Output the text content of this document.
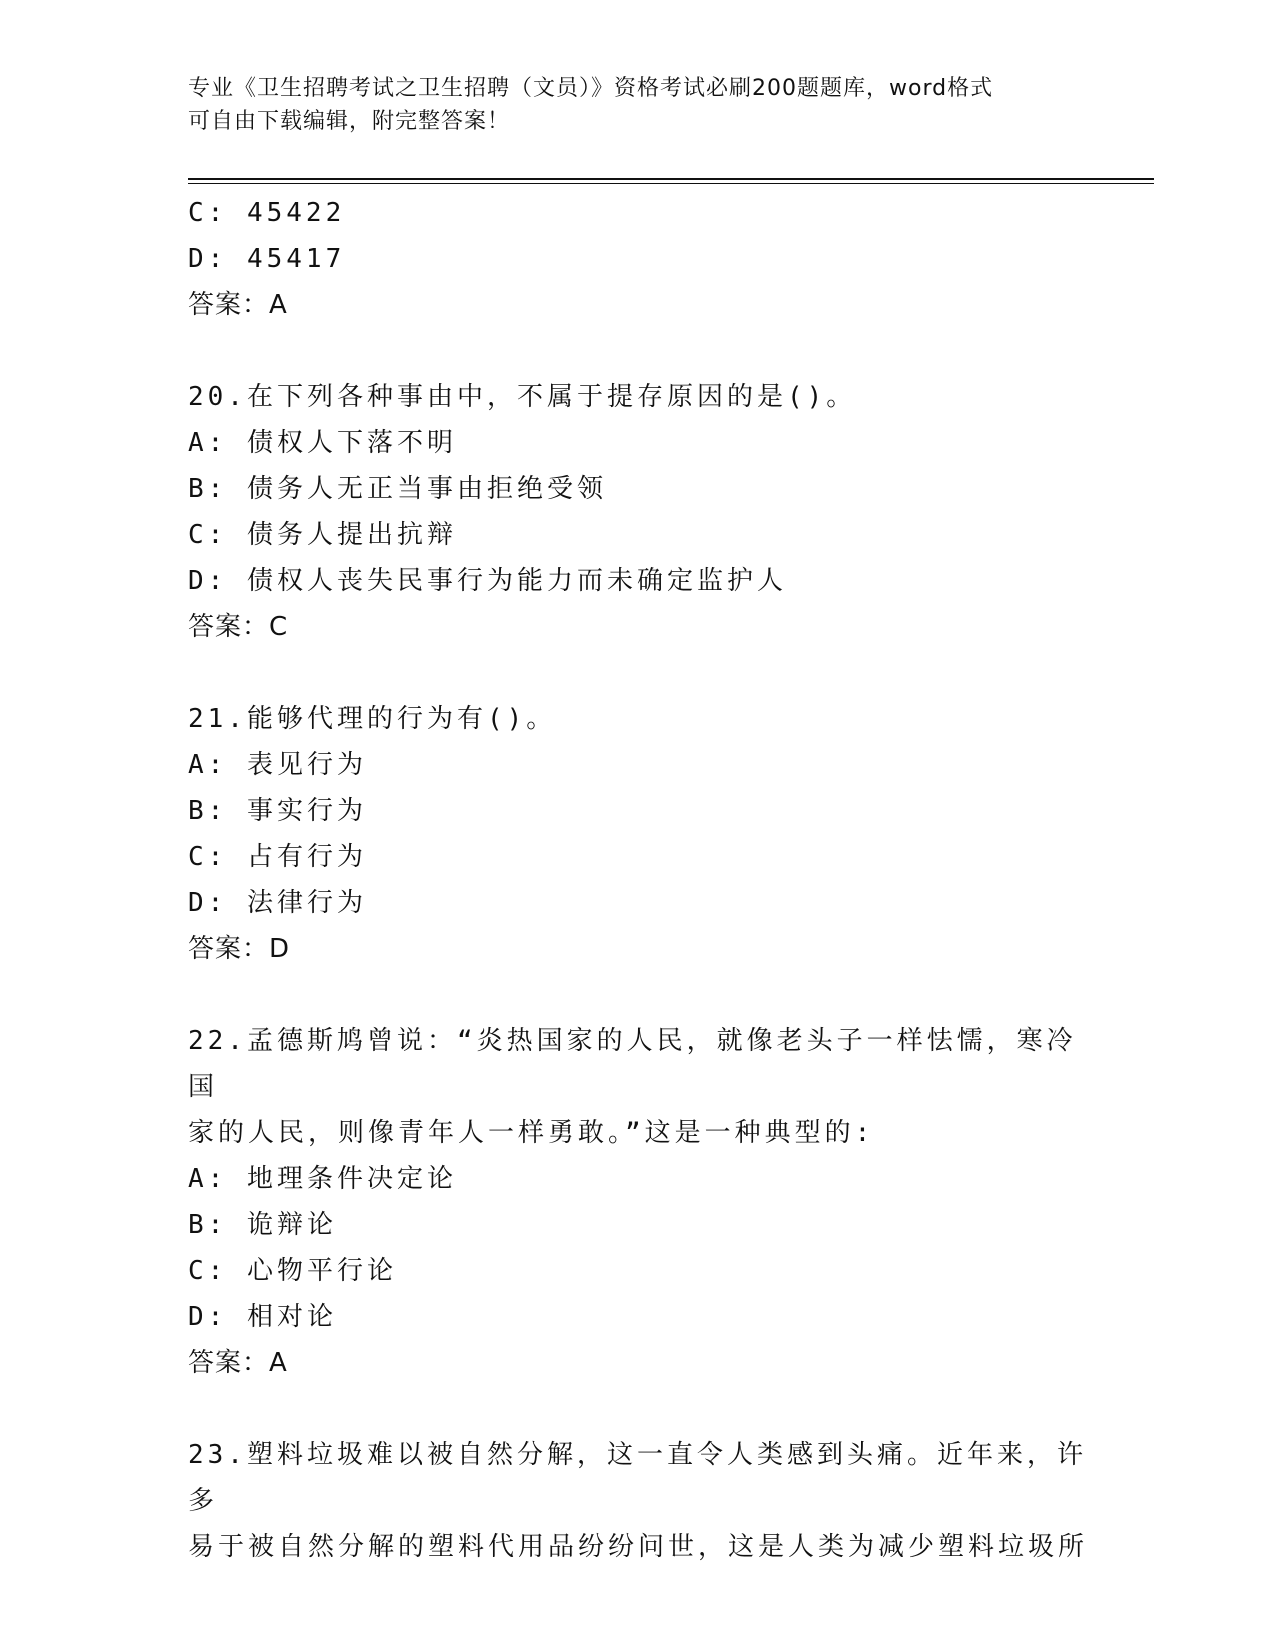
专业《卫生招聘考试之卫生招聘（文员）》资格考试必刷200题题库，word格式
可自由下载编辑，附完整答案！
C: 45422
D: 45417
答案：A
20.在下列各种事由中，不属于提存原因的是()。
A: 债权人下落不明
B: 债务人无正当事由拒绝受领
C: 债务人提出抗辩
D: 债权人丧失民事行为能力而未确定监护人
答案：C
21.能够代理的行为有()。
A: 表见行为
B: 事实行为
C: 占有行为
D: 法律行为
答案：D
22.孟德斯鸠曾说：“炎热国家的人民，就像老头子一样怯懦，寒冷国
家的人民，则像青年人一样勇敢。”这是一种典型的:
A: 地理条件决定论
B: 诡辩论
C: 心物平行论
D: 相对论
答案：A
23.塑料垃圾难以被自然分解，这一直令人类感到头痛。近年来，许多
易于被自然分解的塑料代用品纷纷问世，这是人类为减少塑料垃圾所
